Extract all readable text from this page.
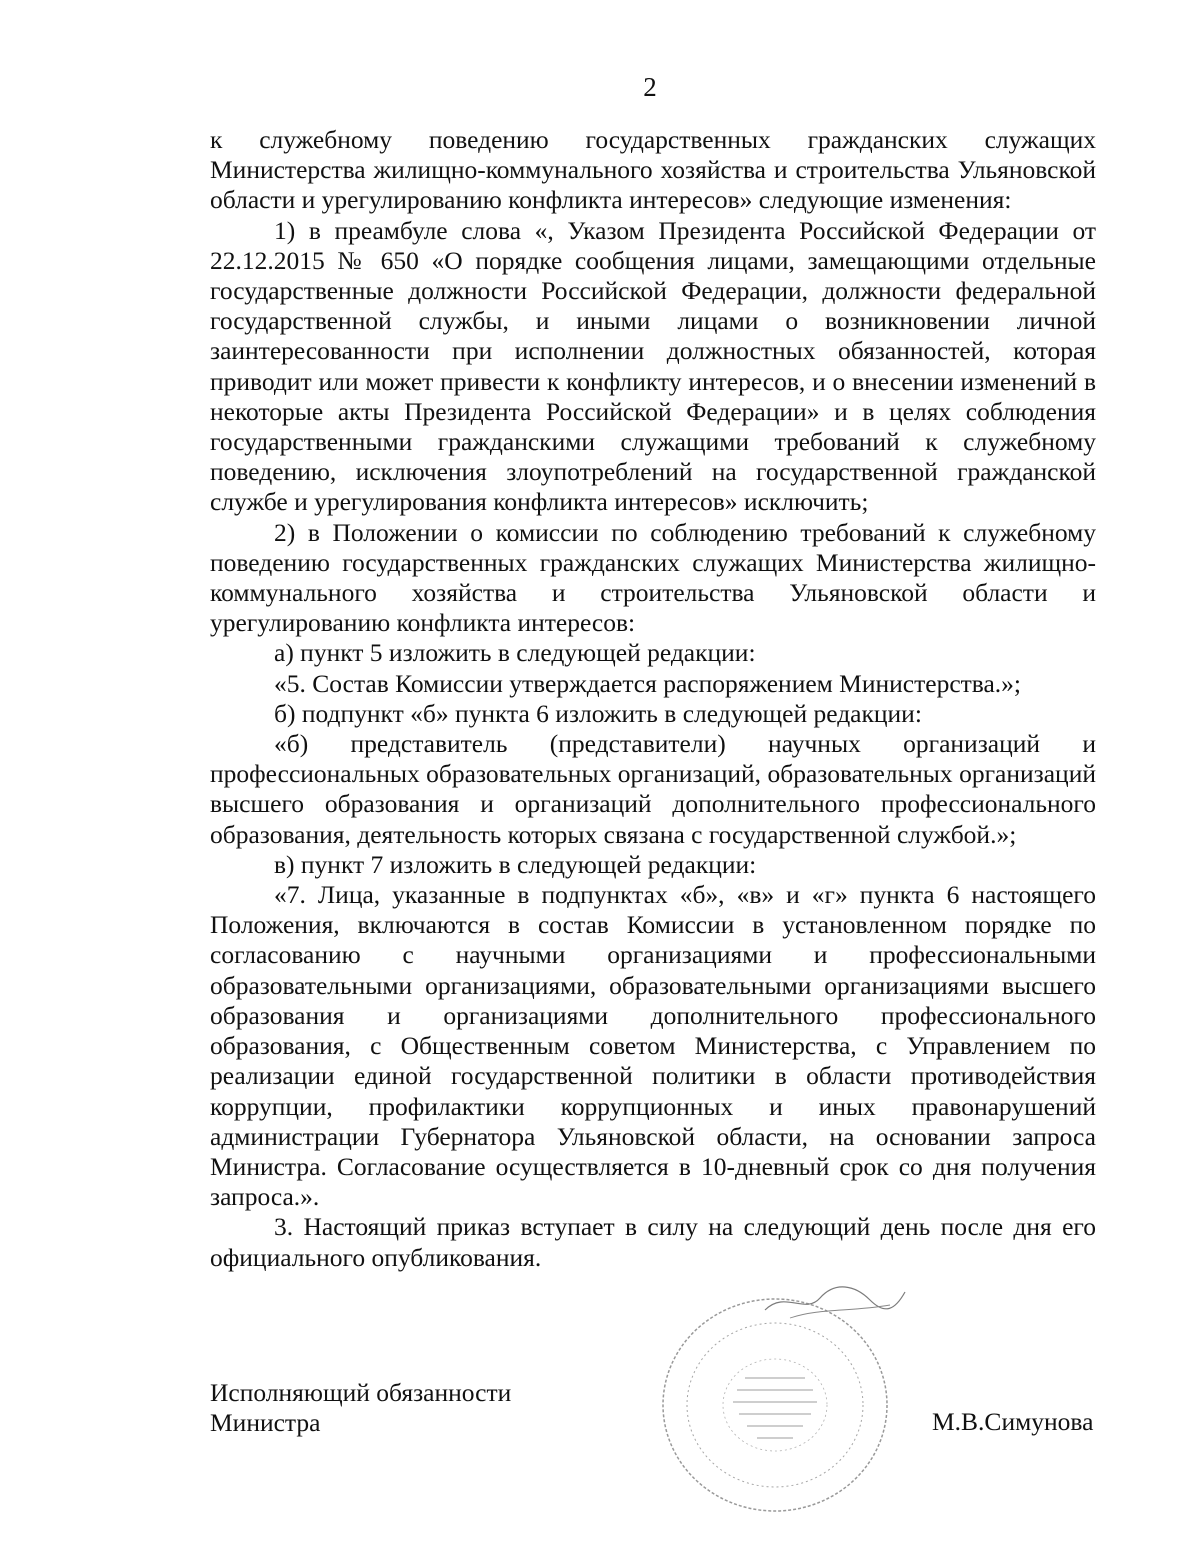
2

к служебному поведению государственных гражданских служащих Министерства жилищно-коммунального хозяйства и строительства Ульяновской области и урегулированию конфликта интересов» следующие изменения:

1) в преамбуле слова «, Указом Президента Российской Федерации от 22.12.2015 № 650 «О порядке сообщения лицами, замещающими отдельные государственные должности Российской Федерации, должности федеральной государственной службы, и иными лицами о возникновении личной заинтересованности при исполнении должностных обязанностей, которая приводит или может привести к конфликту интересов, и о внесении изменений в некоторые акты Президента Российской Федерации» и в целях соблюдения государственными гражданскими служащими требований к служебному поведению, исключения злоупотреблений на государственной гражданской службе и урегулирования конфликта интересов» исключить;

2) в Положении о комиссии по соблюдению требований к служебному поведению государственных гражданских служащих Министерства жилищно-коммунального хозяйства и строительства Ульяновской области и урегулированию конфликта интересов:

а) пункт 5 изложить в следующей редакции:

«5. Состав Комиссии утверждается распоряжением Министерства.»;

б) подпункт «б» пункта 6 изложить в следующей редакции:

«б) представитель (представители) научных организаций и профессиональных образовательных организаций, образовательных организаций высшего образования и организаций дополнительного профессионального образования, деятельность которых связана с государственной службой.»;

в) пункт 7 изложить в следующей редакции:

«7. Лица, указанные в подпунктах «б», «в» и «г» пункта 6 настоящего Положения, включаются в состав Комиссии в установленном порядке по согласованию с научными организациями и профессиональными образовательными организациями, образовательными организациями высшего образования и организациями дополнительного профессионального образования, с Общественным советом Министерства, с Управлением по реализации единой государственной политики в области противодействия коррупции, профилактики коррупционных и иных правонарушений администрации Губернатора Ульяновской области, на основании запроса Министра. Согласование осуществляется в 10-дневный срок со дня получения запроса.».

3. Настоящий приказ вступает в силу на следующий день после дня его официального опубликования.

Исполняющий обязанности
Министра	М.В.Симунова
